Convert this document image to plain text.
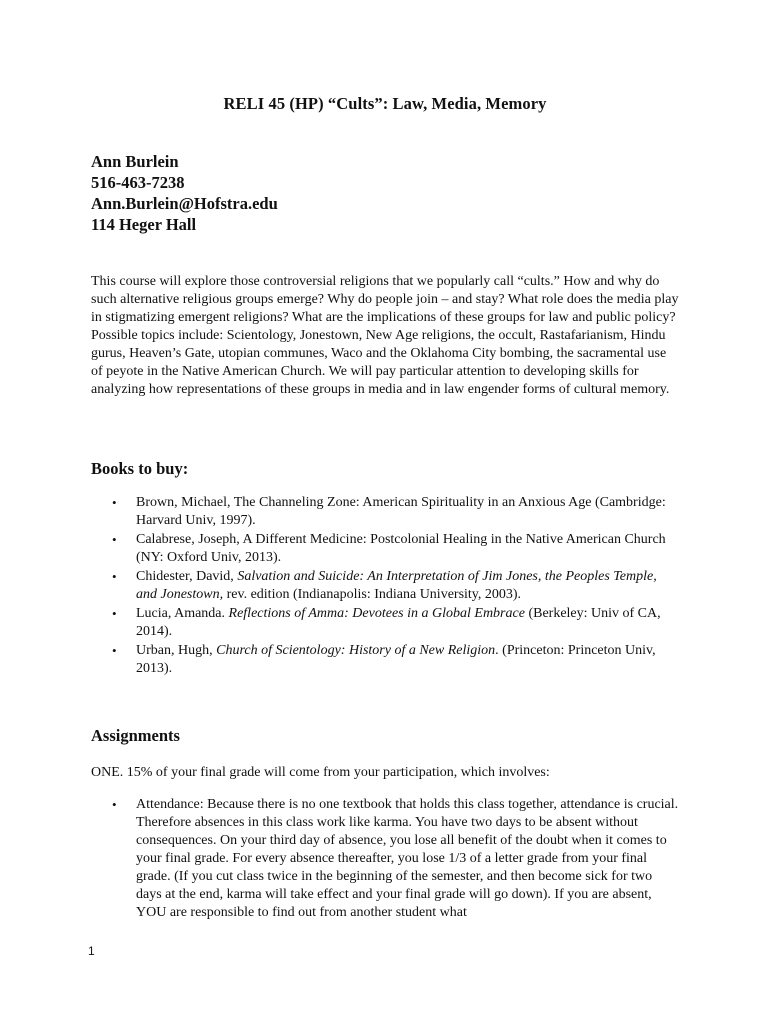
RELI 45 (HP) “Cults”: Law, Media, Memory
Ann Burlein
516-463-7238
Ann.Burlein@Hofstra.edu
114 Heger Hall

This course will explore those controversial religions that we popularly call “cults.” How and why do such alternative religious groups emerge? Why do people join – and stay? What role does the media play in stigmatizing emergent religions? What are the implications of these groups for law and public policy? Possible topics include: Scientology, Jonestown, New Age religions, the occult, Rastafarianism, Hindu gurus, Heaven’s Gate, utopian communes, Waco and the Oklahoma City bombing, the sacramental use of peyote in the Native American Church. We will pay particular attention to developing skills for analyzing how representations of these groups in media and in law engender forms of cultural memory.

Books to buy:
• Brown, Michael, The Channeling Zone: American Spirituality in an Anxious Age (Cambridge: Harvard Univ, 1997).
• Calabrese, Joseph, A Different Medicine: Postcolonial Healing in the Native American Church (NY: Oxford Univ, 2013).
• Chidester, David, Salvation and Suicide: An Interpretation of Jim Jones, the Peoples Temple, and Jonestown, rev. edition (Indianapolis: Indiana University, 2003).
• Lucia, Amanda. Reflections of Amma: Devotees in a Global Embrace (Berkeley: Univ of CA, 2014).
• Urban, Hugh, Church of Scientology: History of a New Religion. (Princeton: Princeton Univ, 2013).
Assignments

ONE. 15% of your final grade will come from your participation, which involves:

• Attendance: Because there is no one textbook that holds this class together, attendance is crucial. Therefore absences in this class work like karma. You have two days to be absent without consequences. On your third day of absence, you lose all benefit of the doubt when it comes to your final grade. For every absence thereafter, you lose 1/3 of a letter grade from your final grade. (If you cut class twice in the beginning of the semester, and then become sick for two days at the end, karma will take effect and your final grade will go down). If you are absent, YOU are responsible to find out from another student what
1
